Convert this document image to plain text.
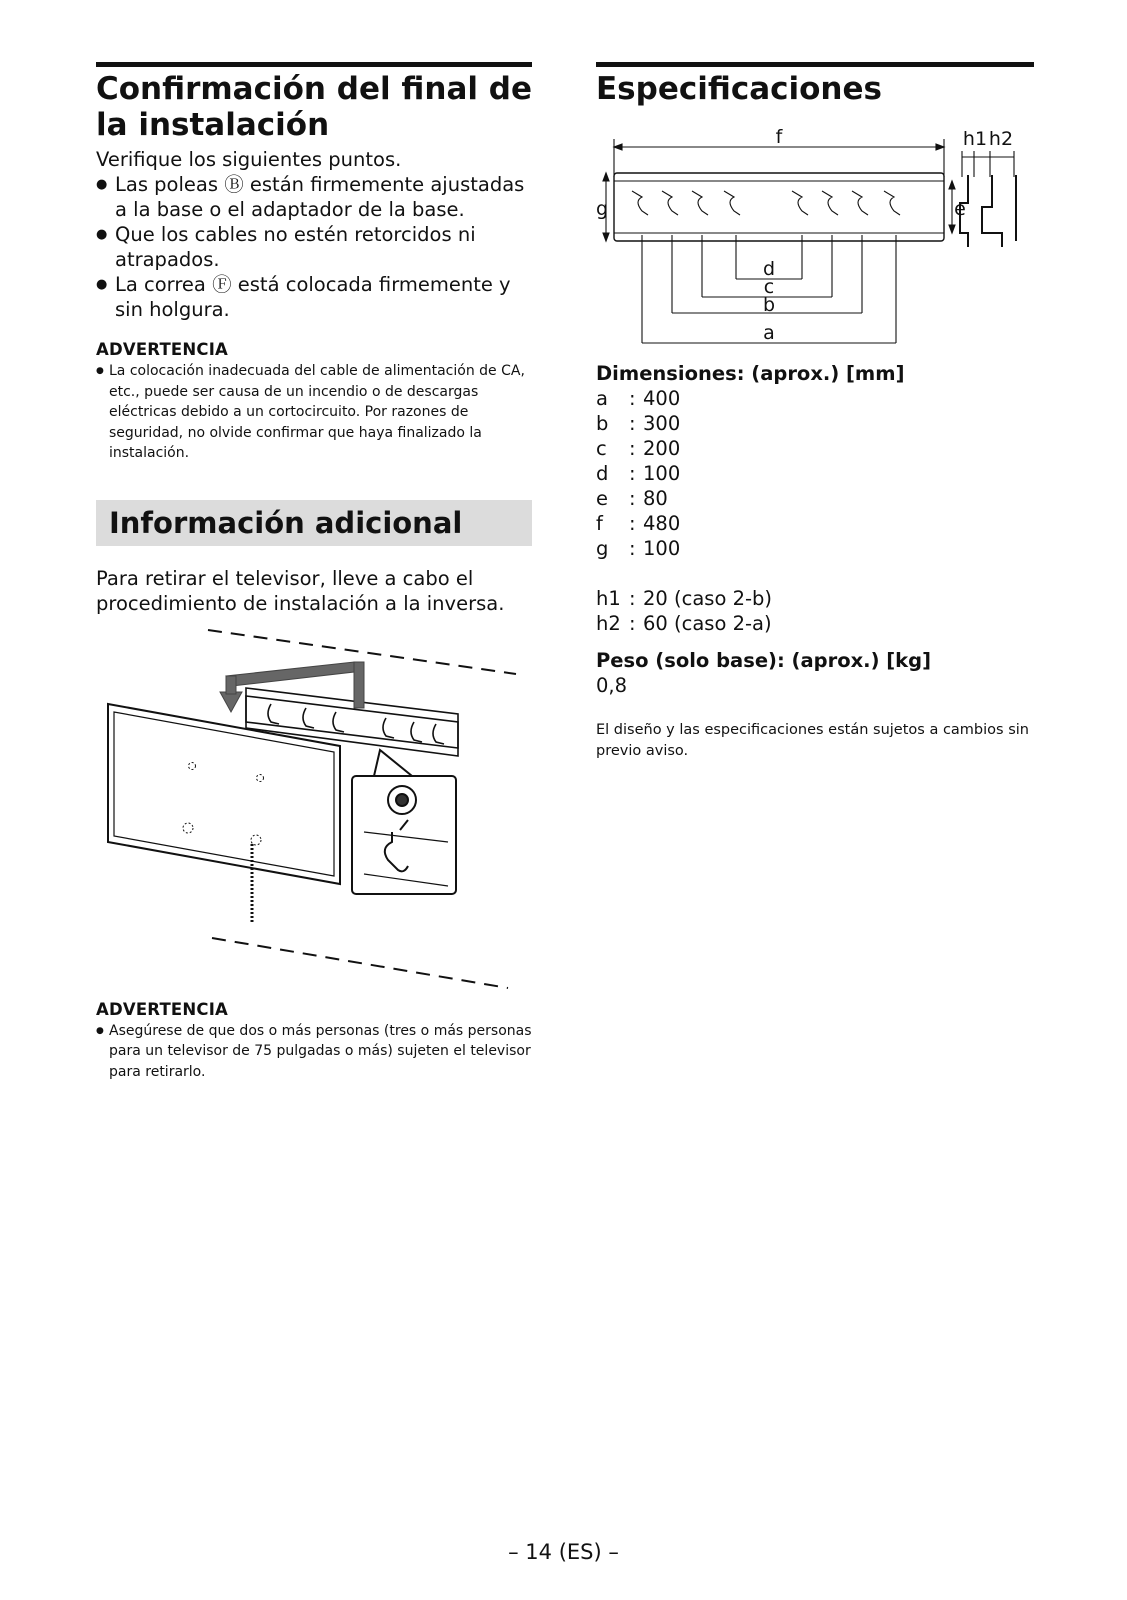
Confirmación del final de la instalación

Verifique los siguientes puntos.

● Las poleas Ⓑ están firmemente ajustadas a la base o el adaptador de la base.
● Que los cables no estén retorcidos ni atrapados.
● La correa Ⓕ está colocada firmemente y sin holgura.
ADVERTENCIA
● La colocación inadecuada del cable de alimentación de CA, etc., puede ser causa de un incendio o de descargas eléctricas debido a un cortocircuito. Por razones de seguridad, no olvide confirmar que haya finalizado la instalación.
Información adicional

Para retirar el televisor, lleve a cabo el procedimiento de instalación a la inversa.

ADVERTENCIA
● Asegúrese de que dos o más personas (tres o más personas para un televisor de 75 pulgadas o más) sujeten el televisor para retirarlo.
Especificaciones
f
g	e
d
c
b
a
h1 h2
Dimensiones: (aprox.) [mm]
a	:	400
b	:	300
c	:	200
d	:	100
e	:	80
f	:	480
g	:	100
h1	:	20 (caso 2-b)
h2	:	60 (caso 2-a)
Peso (solo base): (aprox.) [kg]
0,8
El diseño y las especificaciones están sujetos a cambios sin previo aviso.
– 14 (ES) –
